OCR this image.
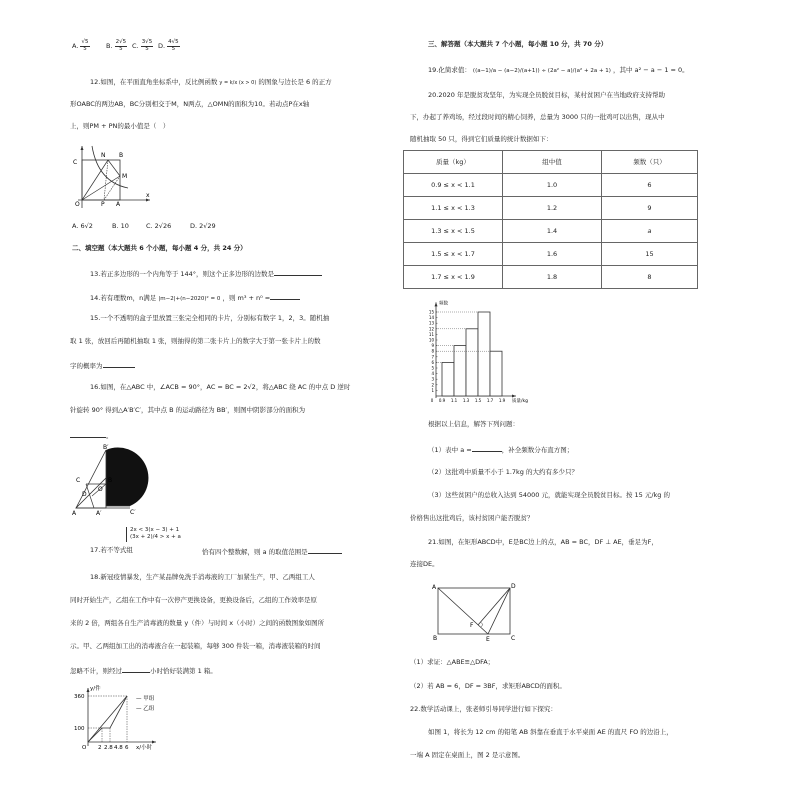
A. $\frac{√5}{5}$	B. $\frac{2√5}{5} C$. $\frac{3√5}{5} D$. $\frac{4√5}{5}$
12.如图，在平面直角坐标系中，反比例函数 y = k/x (x > 0) 的图象与边长是 6 的正方
形OABC的两边AB，BC分别相交于M，N两点，△OMN的面积为10。若动点P在x轴
上，则PM + PN的最小值是（　）
C
N B
M
O	P A
x
A. 6√2	B. 10	C. 2√26	D. 2√29
二、填空题（本大题共 6 个小题，每小题 4 分，共 24 分）
13.若正多边形的一个内角等于 144°，则这个正多边形的边数是
14.若有理数m，n满足 |m−2|+(n−2020)² = 0 ，则 m³ + n⁰ =
15.一个不透明的盒子里放置三张完全相同的卡片，分别标有数字 1，2，3。随机抽
取 1 张，放回后再随机抽取 1 张，则抽得的第二张卡片上的数字大于第一张卡片上的数
字的概率为
16.如图，在△ABC 中，∠ACB = 90°，AC = BC = 2√2，将△ABC 绕 AC 的中点 D 逆时
针旋转 90° 得到△A′B′C′，其中点 B 的运动路径为 BB′，则图中阴影部分的面积为
。
B′
C
D
O
B
A	A′	C′
17.若不等式组
2x < 3(x − 3) + 1
(3x + 2)/4 > x + a
恰有四个整数解，则 a 的取值范围是
18.新冠疫情暴发，生产某品牌免洗手消毒液的工厂加紧生产，甲、乙两组工人
同时开始生产，乙组在工作中有一次停产更换设备，更换设备后，乙组的工作效率是原
来的 2 倍，两组各自生产消毒液的数量 y（件）与时间 x（小时）之间的函数图象如图所
示。甲、乙两组加工出的消毒液合在一起装箱，每够 300 件装一箱，消毒液装箱的时间
忽略不计，则经过	小时恰好装满第 1 箱。
y/件
— 甲组
— 乙组
360
100
O 2 2.8 4.8 6 x/小时
三、解答题（本大题共 7 个小题，每小题 10 分，共 70 分）
19.化简求值： ((a−1)/a − (a−2)/(a+1)) ÷ (2a² − a)/(a² + 2a + 1) ，其中 a² − a − 1 = 0。
20.2020 年是脱贫攻坚年，为实现全员脱贫目标，某村贫困户在当地政府支持帮助
下，办起了养鸡场，经过段时间的精心饲养，总量为 3000 只的一批鸡可以出售，现从中
随机抽取 50 只，得到它们质量的统计数据如下：
质量（kg）	组中值	频数（只）
0.9 ≤ x < 1.1	1.0	6
1.1 ≤ x < 1.3	1.2	9
1.3 ≤ x < 1.5	1.4	a
1.5 ≤ x < 1.7	1.6	15
1.7 ≤ x < 1.9	1.8	8
1
2
3
4
5
6
7
8
9
10
11
12
13
14
15
0.9 1.1 1.3 1.5 1.7 1.9
0
频数
质量/kg
根据以上信息，解答下列问题：
（1）表中 a =	，补全频数分布直方图；
（2）这批鸡中质量不小于 1.7kg 的大约有多少只？
（3）这些贫困户的总收入达到 54000 元，就能实现全员脱贫目标。按 15 元/kg 的
价格售出这批鸡后，该村贫困户能否脱贫？
21.如图，在矩形ABCD中，E是BC边上的点，AB = BC，DF ⊥ AE，垂足为F，
连接DE。
A	D
F
B	E	C
（1）求证：△ABE≌△DFA；
（2）若 AB = 6，DF = 3BF，求矩形ABCD的面积。
22.数学活动课上，张老师引导同学进行如下探究：
如图 1，将长为 12 cm 的铅笔 AB 斜靠在垂直于水平桌面 AE 的直尺 FO 的边沿上，
一端 A 固定在桌面上，图 2 是示意图。
